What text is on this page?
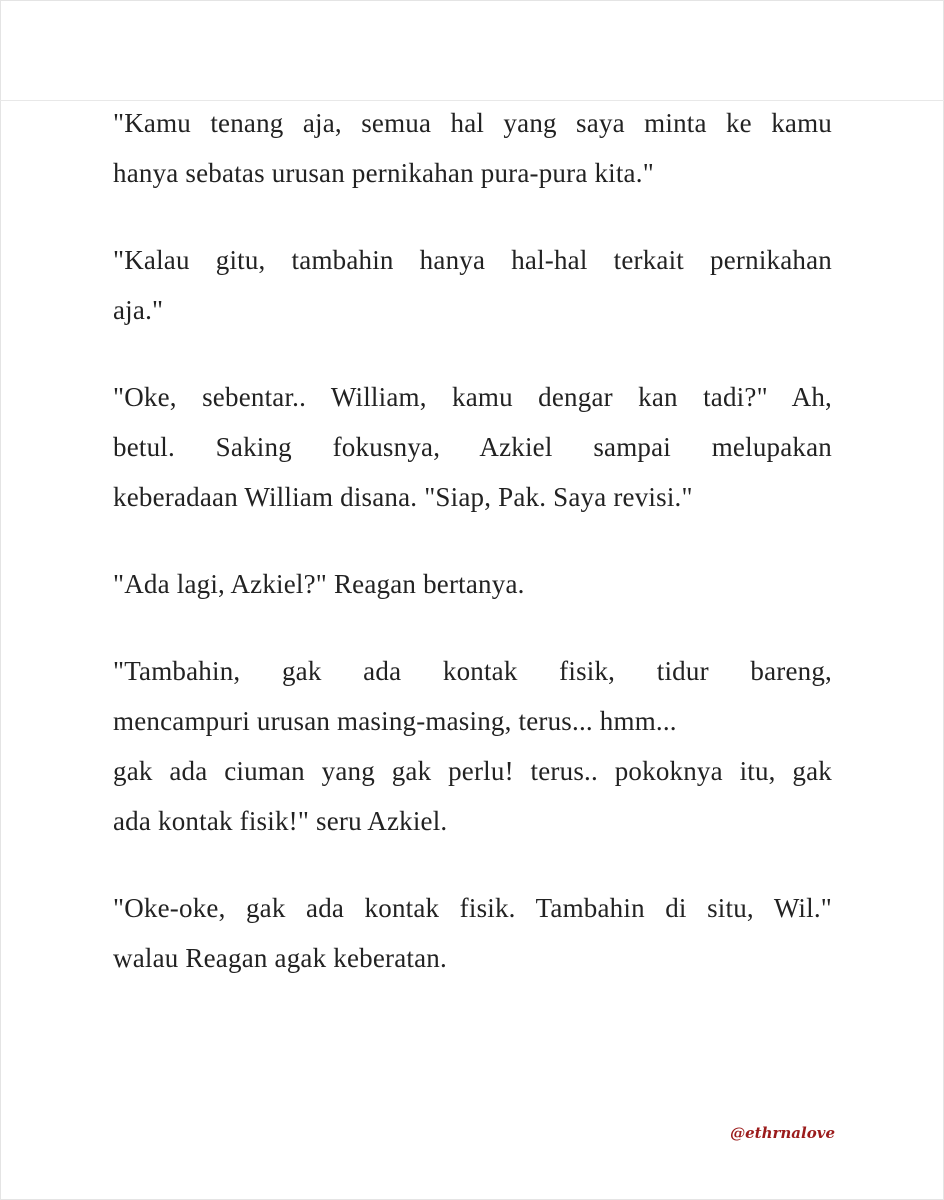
"Kamu tenang aja, semua hal yang saya minta ke kamu
hanya sebatas urusan pernikahan pura-pura kita."

"Kalau gitu, tambahin hanya hal-hal terkait pernikahan
aja."

"Oke, sebentar.. William, kamu dengar kan tadi?" Ah,
betul. Saking fokusnya, Azkiel sampai melupakan
keberadaan William disana. "Siap, Pak. Saya revisi."

"Ada lagi, Azkiel?" Reagan bertanya.

"Tambahin, gak ada kontak fisik, tidur bareng,
mencampuri urusan masing-masing, terus... hmm...
gak ada ciuman yang gak perlu! terus.. pokoknya itu, gak
ada kontak fisik!" seru Azkiel.

"Oke-oke, gak ada kontak fisik. Tambahin di situ, Wil."
walau Reagan agak keberatan.

@ethrnalove
